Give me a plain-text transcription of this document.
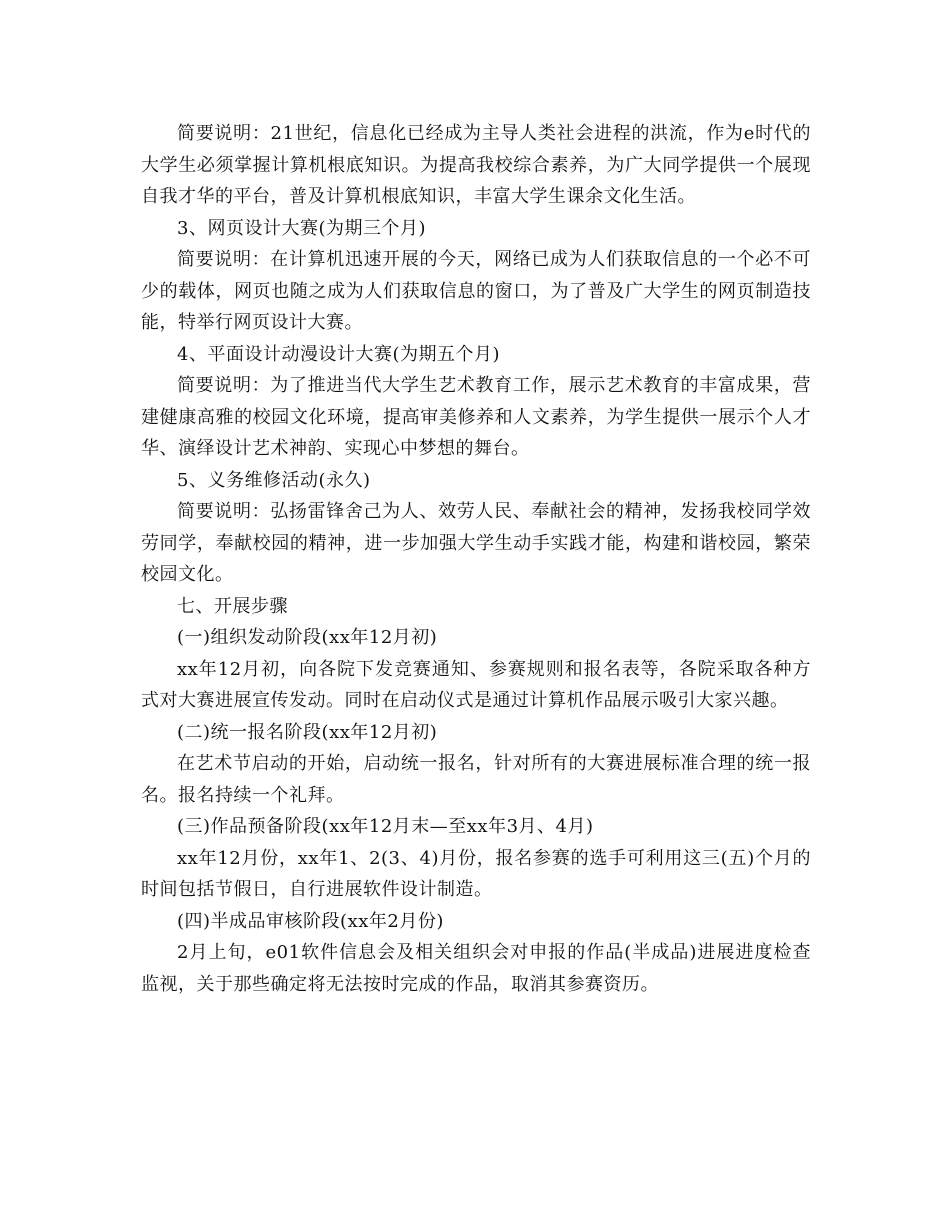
简要说明：21世纪，信息化已经成为主导人类社会进程的洪流，作为e时代的大学生必须掌握计算机根底知识。为提高我校综合素养，为广大同学提供一个展现自我才华的平台，普及计算机根底知识，丰富大学生课余文化生活。

3、网页设计大赛(为期三个月)

简要说明：在计算机迅速开展的今天，网络已成为人们获取信息的一个必不可少的载体，网页也随之成为人们获取信息的窗口，为了普及广大学生的网页制造技能，特举行网页设计大赛。

4、平面设计动漫设计大赛(为期五个月)

简要说明：为了推进当代大学生艺术教育工作，展示艺术教育的丰富成果，营建健康高雅的校园文化环境，提高审美修养和人文素养，为学生提供一展示个人才华、演绎设计艺术神韵、实现心中梦想的舞台。

5、义务维修活动(永久)

简要说明：弘扬雷锋舍己为人、效劳人民、奉献社会的精神，发扬我校同学效劳同学，奉献校园的精神，进一步加强大学生动手实践才能，构建和谐校园，繁荣校园文化。

七、开展步骤

(一)组织发动阶段(xx年12月初)

xx年12月初，向各院下发竞赛通知、参赛规则和报名表等，各院采取各种方式对大赛进展宣传发动。同时在启动仪式是通过计算机作品展示吸引大家兴趣。

(二)统一报名阶段(xx年12月初)

在艺术节启动的开始，启动统一报名，针对所有的大赛进展标准合理的统一报名。报名持续一个礼拜。

(三)作品预备阶段(xx年12月末—至xx年3月、4月)

xx年12月份，xx年1、2(3、4)月份，报名参赛的选手可利用这三(五)个月的时间包括节假日，自行进展软件设计制造。

(四)半成品审核阶段(xx年2月份)

2月上旬，e01软件信息会及相关组织会对申报的作品(半成品)进展进度检查监视，关于那些确定将无法按时完成的作品，取消其参赛资历。
